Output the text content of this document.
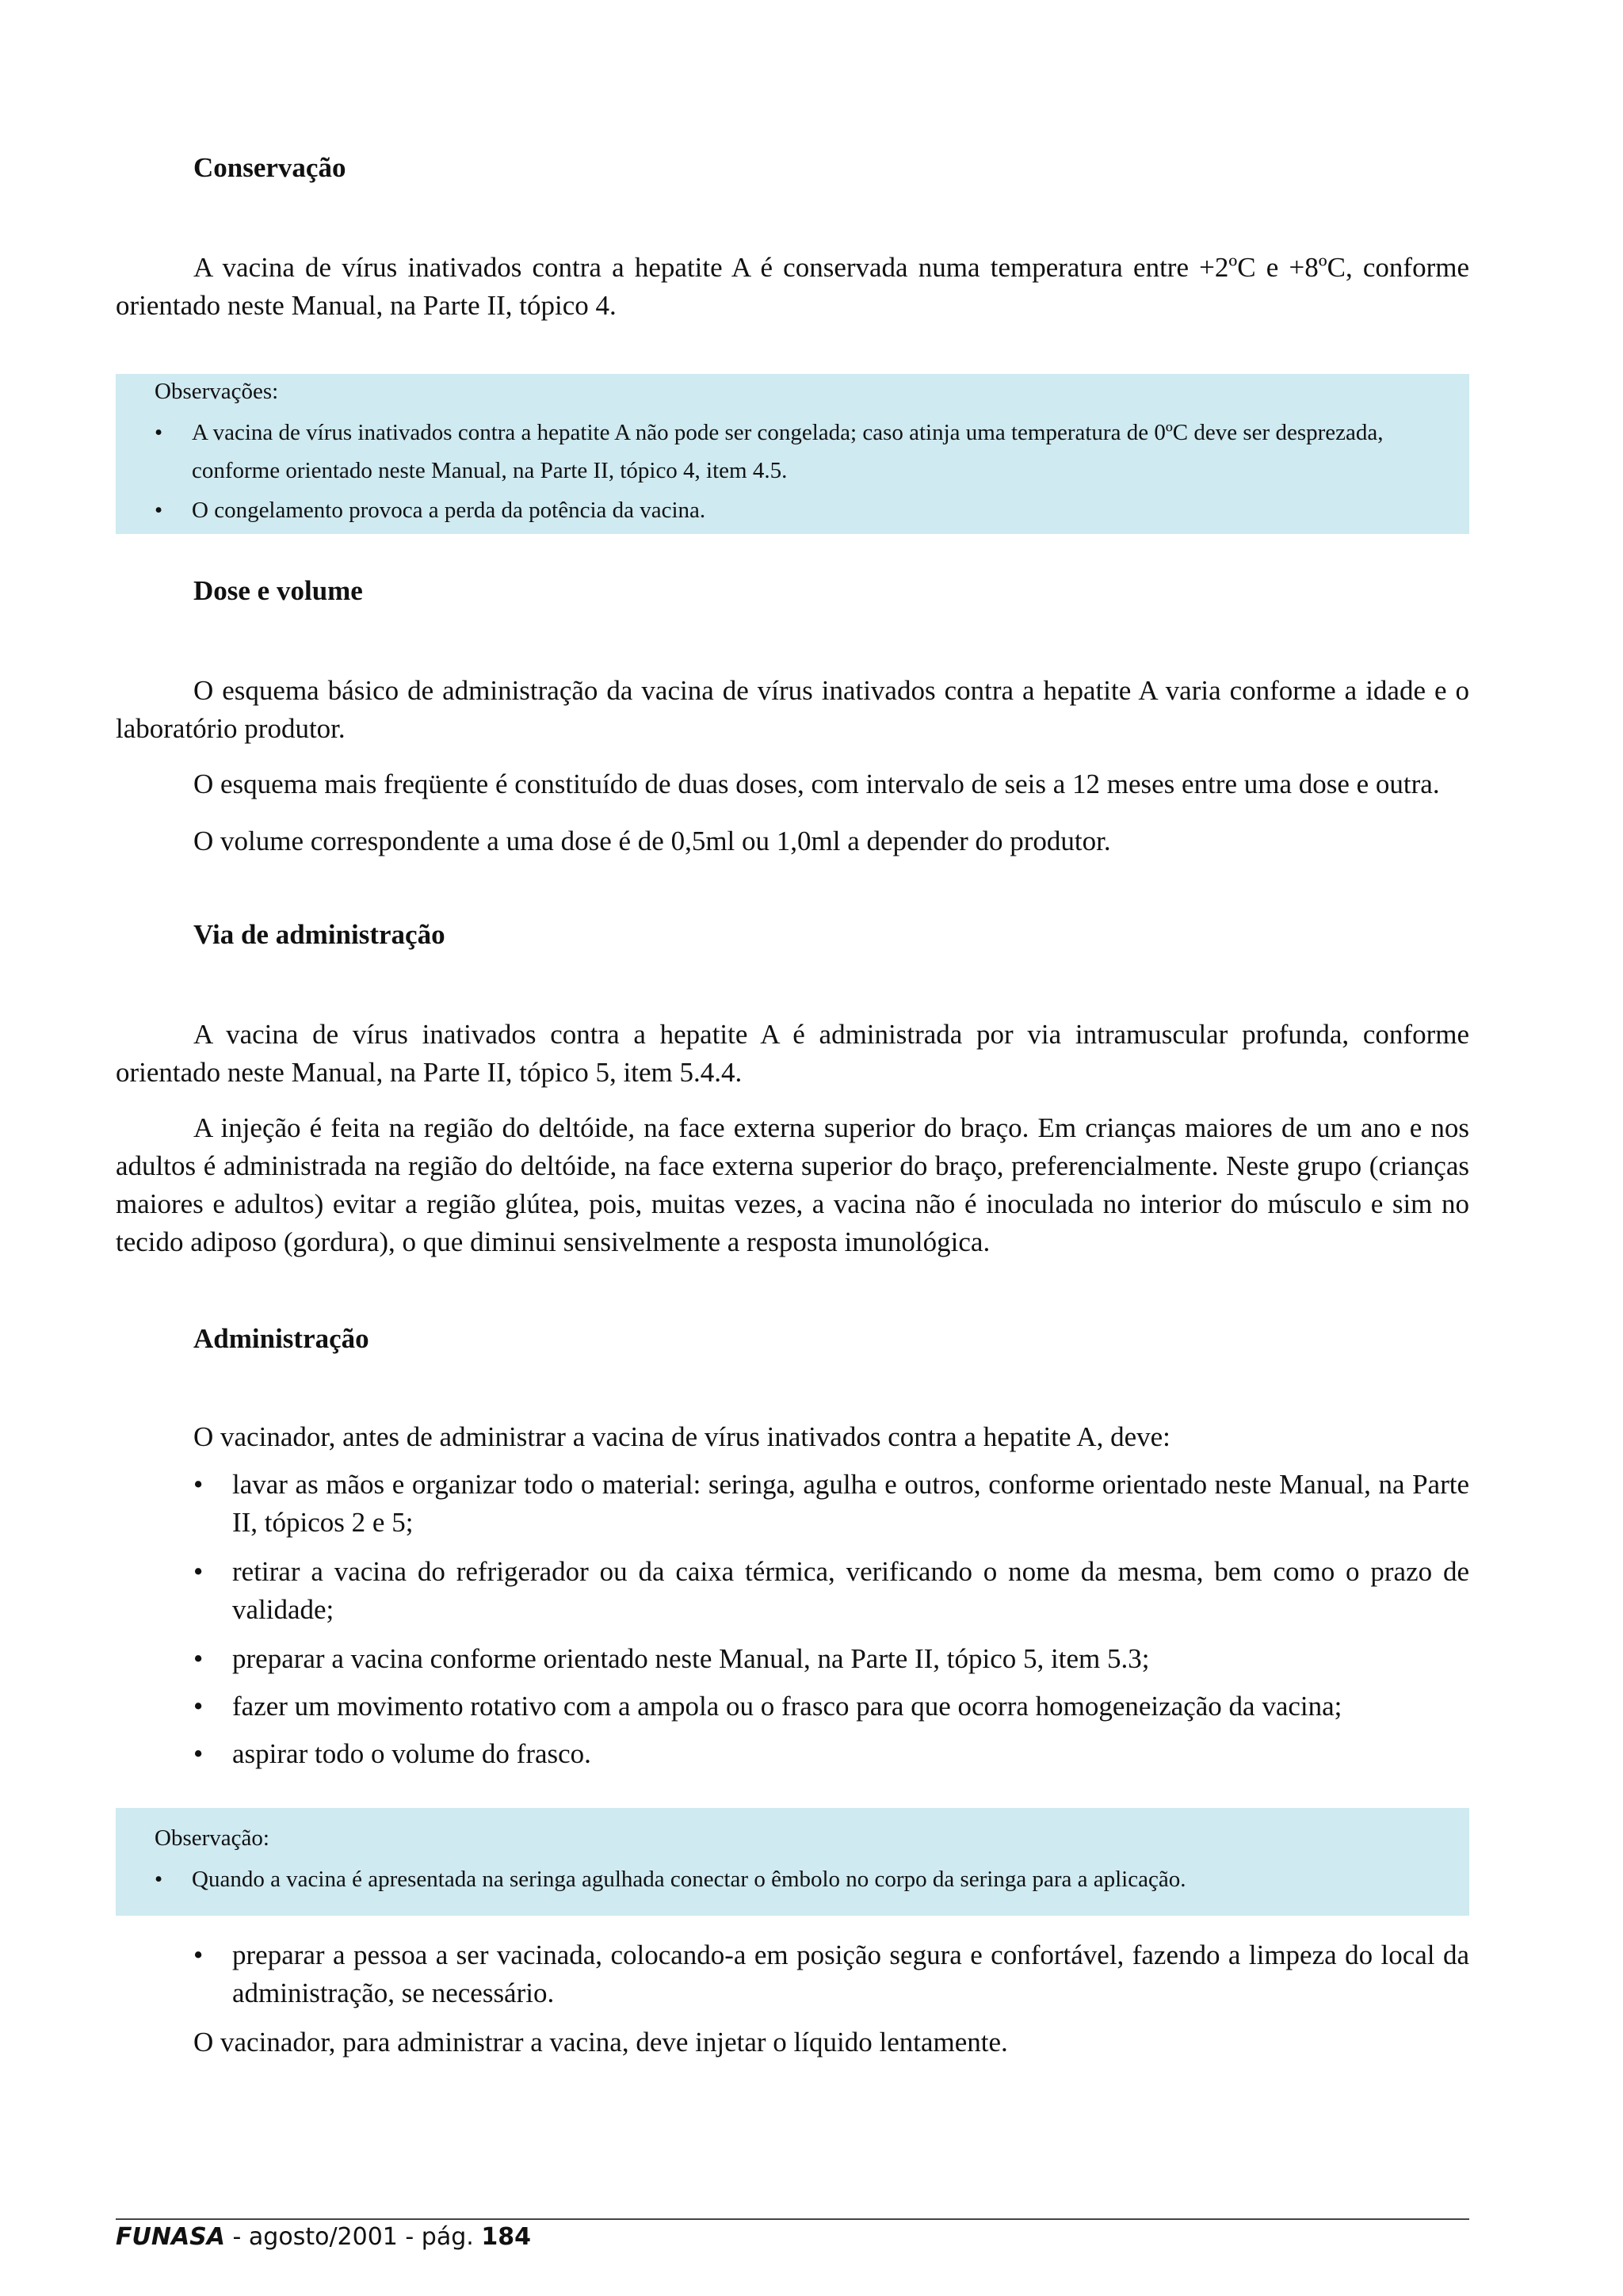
Conservação
A vacina de vírus inativados contra a hepatite A é conservada numa temperatura entre +2ºC e +8ºC, conforme orientado neste Manual, na Parte II, tópico 4.
Observações:
• A vacina de vírus inativados contra a hepatite A não pode ser congelada; caso atinja uma temperatura de 0ºC deve ser desprezada, conforme orientado neste Manual, na Parte II, tópico 4, item 4.5.
• O congelamento provoca a perda da potência da vacina.
Dose e volume
O esquema básico de administração da vacina de vírus inativados contra a hepatite A varia conforme a idade e o laboratório produtor.
O esquema mais freqüente é constituído de duas doses, com intervalo de seis a 12 meses entre uma dose e outra.
O volume correspondente a uma dose é de 0,5ml ou 1,0ml a depender do produtor.
Via de administração
A vacina de vírus inativados contra a hepatite A é administrada por via intramuscular profunda, conforme orientado neste Manual, na Parte II, tópico 5, item 5.4.4.
A injeção é feita na região do deltóide, na face externa superior do braço. Em crianças maiores de um ano e nos adultos é administrada na região do deltóide, na face externa superior do braço, preferencialmente. Neste grupo (crianças maiores e adultos) evitar a região glútea, pois, muitas vezes, a vacina não é inoculada no interior do músculo e sim no tecido adiposo (gordura), o que diminui sensivelmente a resposta imunológica.
Administração
O vacinador, antes de administrar a vacina de vírus inativados contra a hepatite A, deve:
• lavar as mãos e organizar todo o material: seringa, agulha e outros, conforme orientado neste Manual, na Parte II, tópicos 2 e 5;
• retirar a vacina do refrigerador ou da caixa térmica, verificando o nome da mesma, bem como o prazo de validade;
• preparar a vacina conforme orientado neste Manual, na Parte II, tópico 5, item 5.3;
• fazer um movimento rotativo com a ampola ou o frasco para que ocorra homogeneização da vacina;
• aspirar todo o volume do frasco.
Observação:
• Quando a vacina é apresentada na seringa agulhada conectar o êmbolo no corpo da seringa para a aplicação.
• preparar a pessoa a ser vacinada, colocando-a em posição segura e confortável, fazendo a limpeza do local da administração, se necessário.
O vacinador, para administrar a vacina, deve injetar o líquido lentamente.
FUNASA - agosto/2001 - pág. 184
